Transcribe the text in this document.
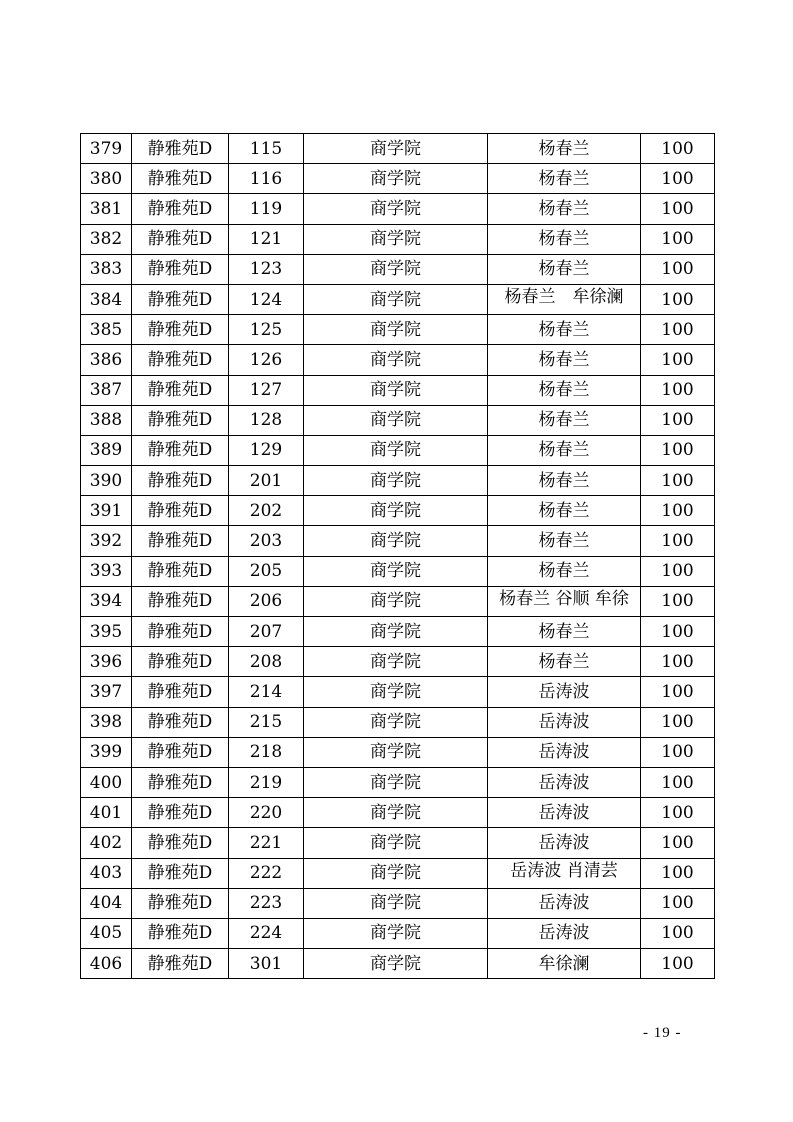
379	静雅苑D	115	商学院	杨春兰	100
380	静雅苑D	116	商学院	杨春兰	100
381	静雅苑D	119	商学院	杨春兰	100
382	静雅苑D	121	商学院	杨春兰	100
383	静雅苑D	123	商学院	杨春兰	100
384	静雅苑D	124	商学院	杨春兰　牟徐澜	100
385	静雅苑D	125	商学院	杨春兰	100
386	静雅苑D	126	商学院	杨春兰	100
387	静雅苑D	127	商学院	杨春兰	100
388	静雅苑D	128	商学院	杨春兰	100
389	静雅苑D	129	商学院	杨春兰	100
390	静雅苑D	201	商学院	杨春兰	100
391	静雅苑D	202	商学院	杨春兰	100
392	静雅苑D	203	商学院	杨春兰	100
393	静雅苑D	205	商学院	杨春兰	100
394	静雅苑D	206	商学院	杨春兰 谷顺 牟徐	100
395	静雅苑D	207	商学院	杨春兰	100
396	静雅苑D	208	商学院	杨春兰	100
397	静雅苑D	214	商学院	岳涛波	100
398	静雅苑D	215	商学院	岳涛波	100
399	静雅苑D	218	商学院	岳涛波	100
400	静雅苑D	219	商学院	岳涛波	100
401	静雅苑D	220	商学院	岳涛波	100
402	静雅苑D	221	商学院	岳涛波	100
403	静雅苑D	222	商学院	岳涛波 肖清芸	100
404	静雅苑D	223	商学院	岳涛波	100
405	静雅苑D	224	商学院	岳涛波	100
406	静雅苑D	301	商学院	牟徐澜	100
- 19 -
